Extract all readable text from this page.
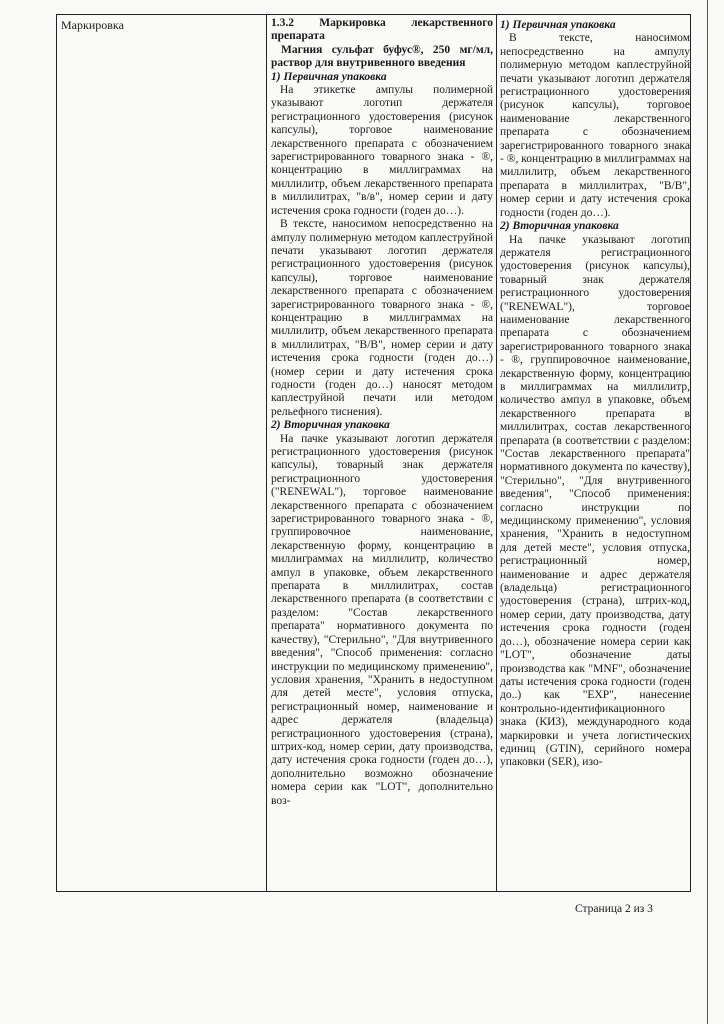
Маркировка	1.3.2 Маркировка лекарственного препарата

Магния сульфат буфус®, 250 мг/мл, раствор для внутривенного введения

1) Первичная упаковка

На этикетке ампулы полимерной указывают логотип держателя регистрационного удостоверения (рисунок капсулы), торговое наименование лекарственного препарата с обозначением зарегистрированного товарного знака - ®, концентрацию в миллиграммах на миллилитр, объем лекарственного препарата в миллилитрах, "в/в", номер серии и дату истечения срока годности (годен до…).

В тексте, наносимом непосредственно на ампулу полимерную методом каплеструйной печати указывают логотип держателя регистрационного удостоверения (рисунок капсулы), торговое наименование лекарственного препарата с обозначением зарегистрированного товарного знака - ®, концентрацию в миллиграммах на миллилитр, объем лекарственного препарата в миллилитрах, "В/В", номер серии и дату истечения срока годности (годен до…) (номер серии и дату истечения срока годности (годен до…) наносят методом каплеструйной печати или методом рельефного тиснения).

2) Вторичная упаковка

На пачке указывают логотип держателя регистрационного удостоверения (рисунок капсулы), товарный знак держателя регистрационного удостоверения ("RENEWAL"), торговое наименование лекарственного препарата с обозначением зарегистрированного товарного знака - ®, группировочное наименование, лекарственную форму, концентрацию в миллиграммах на миллилитр, количество ампул в упаковке, объем лекарственного препарата в миллилитрах, состав лекарственного препарата (в соответствии с разделом: "Состав лекарственного препарата" нормативного документа по качеству), "Стерильно", "Для внутривенного введения", "Способ применения: согласно инструкции по медицинскому применению", условия хранения, "Хранить в недоступном для детей месте", условия отпуска, регистрационный номер, наименование и адрес держателя (владельца) регистрационного удостоверения (страна), штрих-код, номер серии, дату производства, дату истечения срока годности (годен до…), дополнительно возможно обозначение номера серии как "LOT", дополнительно воз-

1) Первичная упаковка

В тексте, наносимом непосредственно на ампулу полимерную методом каплеструйной печати указывают логотип держателя регистрационного удостоверения (рисунок капсулы), торговое наименование лекарственного препарата с обозначением зарегистрированного товарного знака - ®, концентрацию в миллиграммах на миллилитр, объем лекарственного препарата в миллилитрах, "В/В", номер серии и дату истечения срока годности (годен до…).

2) Вторичная упаковка

На пачке указывают логотип держателя регистрационного удостоверения (рисунок капсулы), товарный знак держателя регистрационного удостоверения ("RENEWAL"), торговое наименование лекарственного препарата с обозначением зарегистрированного товарного знака - ®, группировочное наименование, лекарственную форму, концентрацию в миллиграммах на миллилитр, количество ампул в упаковке, объем лекарственного препарата в миллилитрах, состав лекарственного препарата (в соответствии с разделом: "Состав лекарственного препарата" нормативного документа по качеству), "Стерильно", "Для внутривенного введения", "Способ применения: согласно инструкции по медицинскому применению", условия хранения, "Хранить в недоступном для детей месте", условия отпуска, регистрационный номер, наименование и адрес держателя (владельца) регистрационного удостоверения (страна), штрих-код, номер серии, дату производства, дату истечения срока годности (годен до…), обозначение номера серии как "LOT", обозначение даты производства как "MNF", обозначение даты истечения срока годности (годен до..) как "EXP", нанесение контрольно-идентификационного знака (КИЗ), международного кода маркировки и учета логистических единиц (GTIN), серийного номера упаковки (SER), изо-

Страница 2 из 3
